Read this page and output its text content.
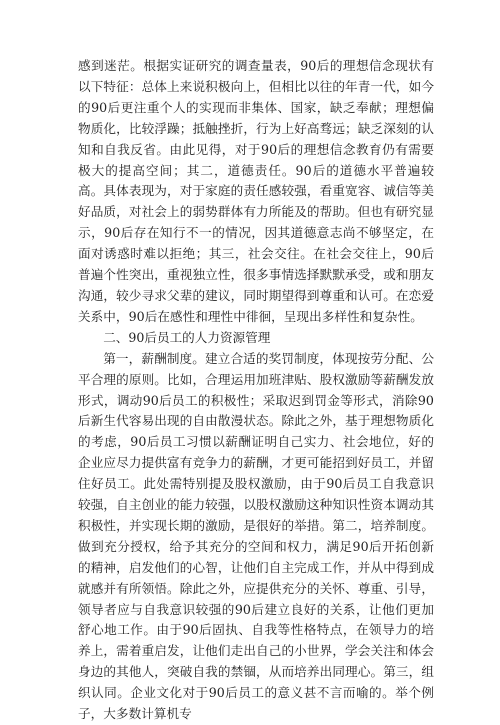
感到迷茫。根据实证研究的调查量表，90后的理想信念现状有以下特征：总体上来说积极向上，但相比以往的年青一代，如今的90后更注重个人的实现而非集体、国家，缺乏奉献；理想偏物质化，比较浮躁；抵触挫折，行为上好高骛远；缺乏深刻的认知和自我反省。由此见得，对于90后的理想信念教育仍有需要极大的提高空间；其二，道德责任。90后的道德水平普遍较高。具体表现为，对于家庭的责任感较强，看重宽容、诚信等美好品质，对社会上的弱势群体有力所能及的帮助。但也有研究显示，90后存在知行不一的情况，因其道德意志尚不够坚定，在面对诱惑时难以拒绝；其三，社会交往。在社会交往上，90后普遍个性突出，重视独立性，很多事情选择默默承受，或和朋友沟通，较少寻求父辈的建议，同时期望得到尊重和认可。在恋爱关系中，90后在感性和理性中徘徊，呈现出多样性和复杂性。

二、90后员工的人力资源管理

第一，薪酬制度。建立合适的奖罚制度，体现按劳分配、公平合理的原则。比如，合理运用加班津贴、股权激励等薪酬发放形式，调动90后员工的积极性；采取迟到罚金等形式，消除90后新生代容易出现的自由散漫状态。除此之外，基于理想物质化的考虑，90后员工习惯以薪酬证明自己实力、社会地位，好的企业应尽力提供富有竞争力的薪酬，才更可能招到好员工，并留住好员工。此处需特别提及股权激励，由于90后员工自我意识较强，自主创业的能力较强，以股权激励这种知识性资本调动其积极性，并实现长期的激励，是很好的举措。第二，培养制度。做到充分授权，给予其充分的空间和权力，满足90后开拓创新的精神，启发他们的心智，让他们自主完成工作，并从中得到成就感并有所领悟。除此之外，应提供充分的关怀、尊重、引导，领导者应与自我意识较强的90后建立良好的关系，让他们更加舒心地工作。由于90后固执、自我等性格特点，在领导力的培养上，需着重启发，让他们走出自己的小世界，学会关注和体会身边的其他人，突破自我的禁锢，从而培养出同理心。第三，组织认同。企业文化对于90后员工的意义甚不言而喻的。举个例子，大多数计算机专
